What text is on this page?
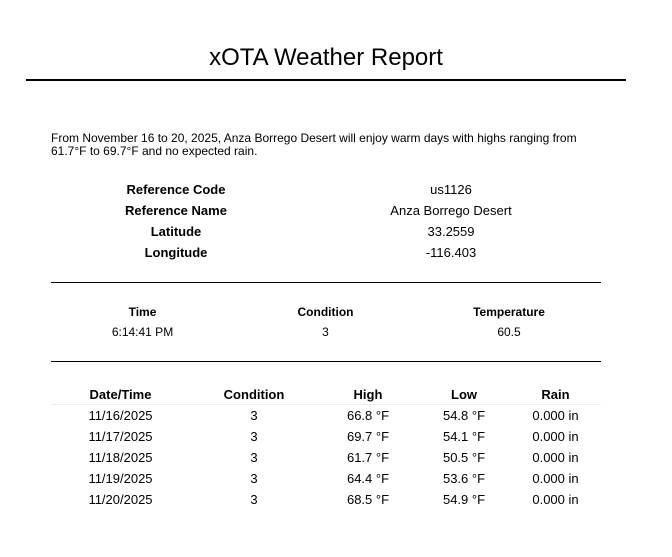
xOTA Weather Report
From November 16 to 20, 2025, Anza Borrego Desert will enjoy warm days with highs ranging from 61.7°F to 69.7°F and no expected rain.
Reference Code	us1126
Reference Name	Anza Borrego Desert
Latitude	33.2559
Longitude	-116.403
Time	Condition	Temperature
6:14:41 PM	3	60.5
Date/Time	Condition	High	Low	Rain
11/16/2025	3	66.8 °F	54.8 °F	0.000 in
11/17/2025	3	69.7 °F	54.1 °F	0.000 in
11/18/2025	3	61.7 °F	50.5 °F	0.000 in
11/19/2025	3	64.4 °F	53.6 °F	0.000 in
11/20/2025	3	68.5 °F	54.9 °F	0.000 in
